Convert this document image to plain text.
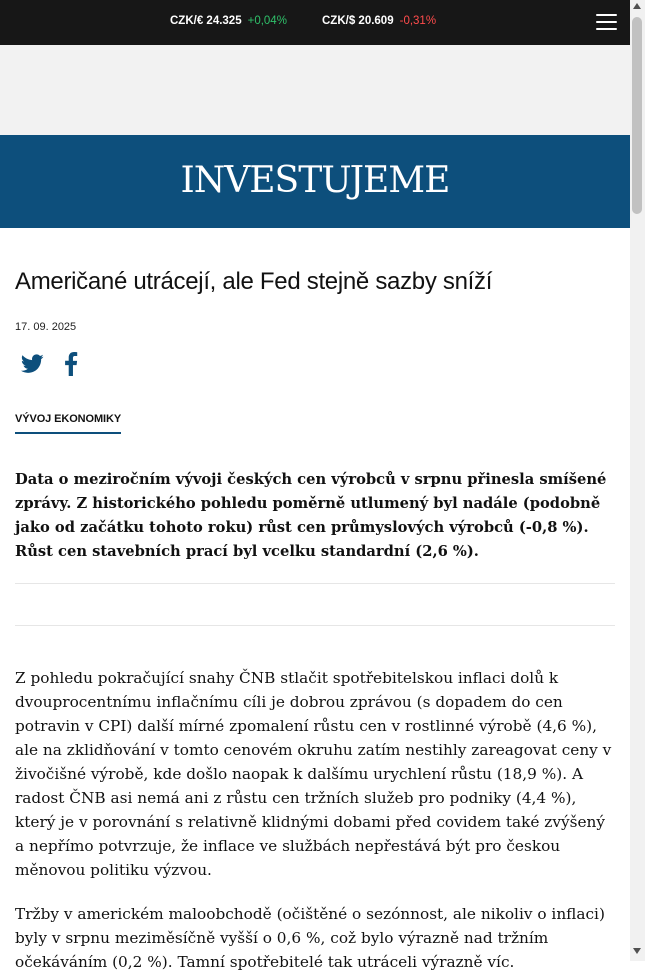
CZK/€ 24.325 +0,04%	CZK/$ 20.609 -0,31%
INVESTUJEME
Američané utrácejí, ale Fed stejně sazby sníží
17. 09. 2025
VÝVOJ EKONOMIKY

Data o meziročním vývoji českých cen výrobců v srpnu přinesla smíšené zprávy. Z historického pohledu poměrně utlumený byl nadále (podobně jako od začátku tohoto roku) růst cen průmyslových výrobců (-0,8 %). Růst cen stavebních prací byl vcelku standardní (2,6 %).

Z pohledu pokračující snahy ČNB stlačit spotřebitelskou inflaci dolů k dvouprocentnímu inflačnímu cíli je dobrou zprávou (s dopadem do cen potravin v CPI) další mírné zpomalení růstu cen v rostlinné výrobě (4,6 %), ale na zklidňování v tomto cenovém okruhu zatím nestihly zareagovat ceny v živočišné výrobě, kde došlo naopak k dalšímu urychlení růstu (18,9 %). A radost ČNB asi nemá ani z růstu cen tržních služeb pro podniky (4,4 %), který je v porovnání s relativně klidnými dobami před covidem také zvýšený a nepřímo potvrzuje, že inflace ve službách nepřestává být pro českou měnovou politiku výzvou.

Tržby v americkém maloobchodě (očištěné o sezónnost, ale nikoliv o inflaci) byly v srpnu meziměsíčně vyšší o 0,6 %, což bylo výrazně nad tržním očekáváním (0,2 %). Tamní spotřebitelé tak utráceli výrazně víc.
